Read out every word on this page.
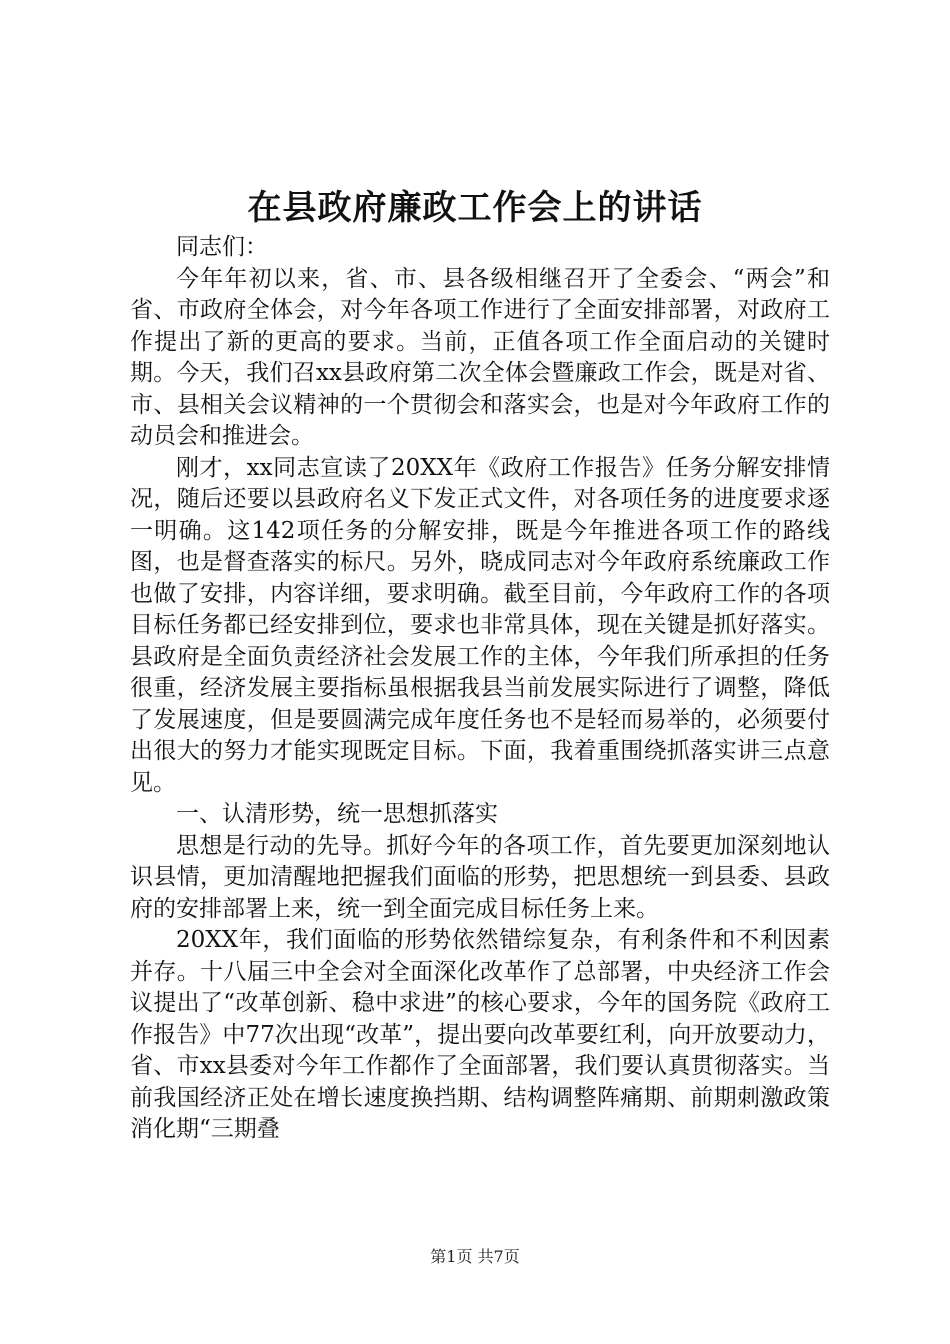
在县政府廉政工作会上的讲话

同志们：

今年年初以来，省、市、县各级相继召开了全委会、“两会”和省、市政府全体会，对今年各项工作进行了全面安排部署，对政府工作提出了新的更高的要求。当前，正值各项工作全面启动的关键时期。今天，我们召xx县政府第二次全体会暨廉政工作会，既是对省、市、县相关会议精神的一个贯彻会和落实会，也是对今年政府工作的动员会和推进会。

刚才，xx同志宣读了20XX年《政府工作报告》任务分解安排情况，随后还要以县政府名义下发正式文件，对各项任务的进度要求逐一明确。这142项任务的分解安排，既是今年推进各项工作的路线图，也是督查落实的标尺。另外，晓成同志对今年政府系统廉政工作也做了安排，内容详细，要求明确。截至目前，今年政府工作的各项目标任务都已经安排到位，要求也非常具体，现在关键是抓好落实。县政府是全面负责经济社会发展工作的主体，今年我们所承担的任务很重，经济发展主要指标虽根据我县当前发展实际进行了调整，降低了发展速度，但是要圆满完成年度任务也不是轻而易举的，必须要付出很大的努力才能实现既定目标。下面，我着重围绕抓落实讲三点意见。

一、认清形势，统一思想抓落实

思想是行动的先导。抓好今年的各项工作，首先要更加深刻地认识县情，更加清醒地把握我们面临的形势，把思想统一到县委、县政府的安排部署上来，统一到全面完成目标任务上来。

20XX年，我们面临的形势依然错综复杂，有利条件和不利因素并存。十八届三中全会对全面深化改革作了总部署，中央经济工作会议提出了“改革创新、稳中求进”的核心要求，今年的国务院《政府工作报告》中77次出现“改革”，提出要向改革要红利，向开放要动力，省、市xx县委对今年工作都作了全面部署，我们要认真贯彻落实。当前我国经济正处在增长速度换挡期、结构调整阵痛期、前期刺激政策消化期“三期叠

第1页 共7页
